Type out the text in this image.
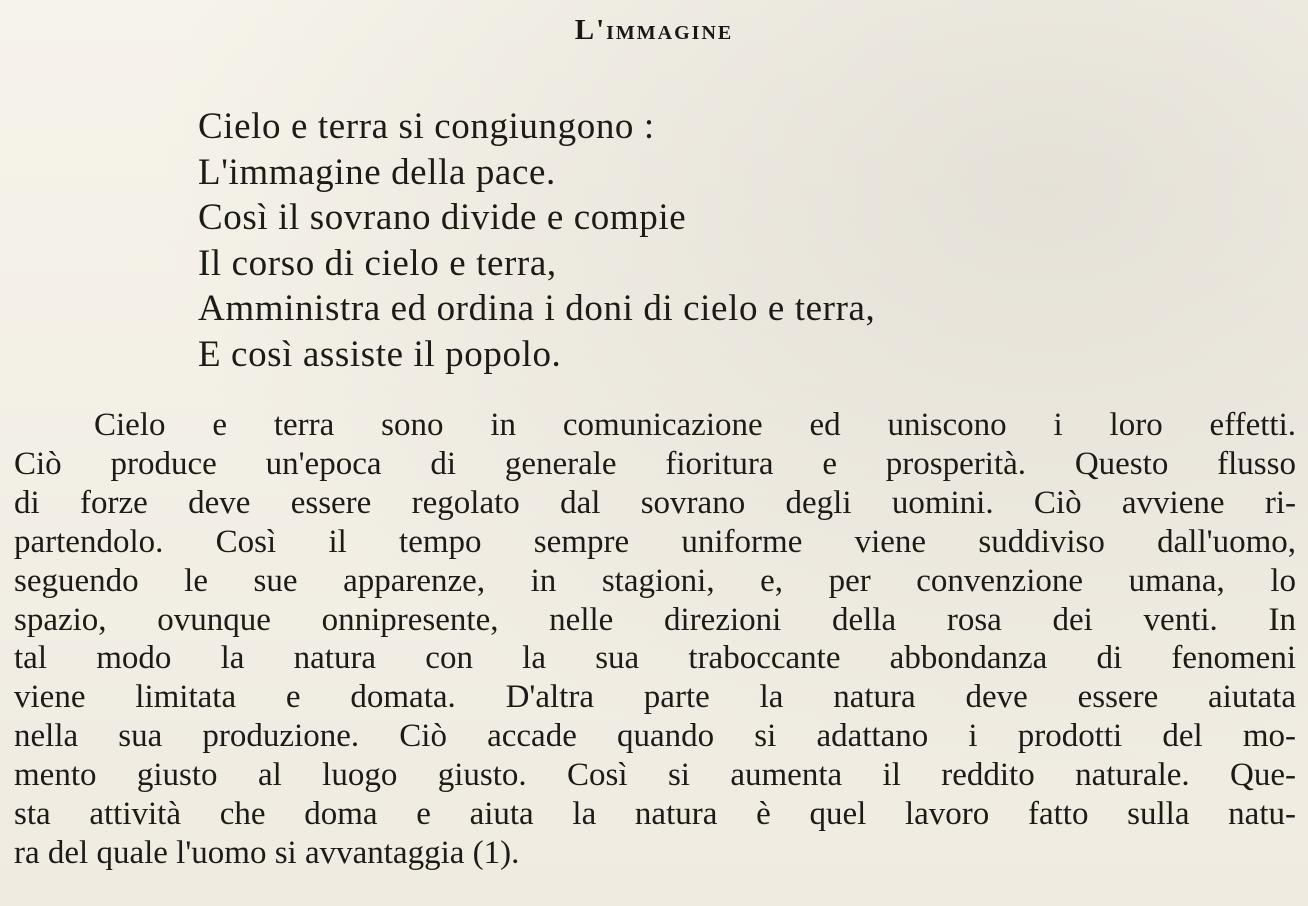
L'immagine
Cielo e terra si congiungono :
L'immagine della pace.
Così il sovrano divide e compie
Il corso di cielo e terra,
Amministra ed ordina i doni di cielo e terra,
E così assiste il popolo.
Cielo e terra sono in comunicazione ed uniscono i loro effetti.
Ciò produce un'epoca di generale fioritura e prosperità. Questo flusso
di forze deve essere regolato dal sovrano degli uomini. Ciò avviene ri-
partendolo. Così il tempo sempre uniforme viene suddiviso dall'uomo,
seguendo le sue apparenze, in stagioni, e, per convenzione umana, lo
spazio, ovunque onnipresente, nelle direzioni della rosa dei venti. In
tal modo la natura con la sua traboccante abbondanza di fenomeni
viene limitata e domata. D'altra parte la natura deve essere aiutata
nella sua produzione. Ciò accade quando si adattano i prodotti del mo-
mento giusto al luogo giusto. Così si aumenta il reddito naturale. Que-
sta attività che doma e aiuta la natura è quel lavoro fatto sulla natu-
ra del quale l'uomo si avvantaggia (1).
